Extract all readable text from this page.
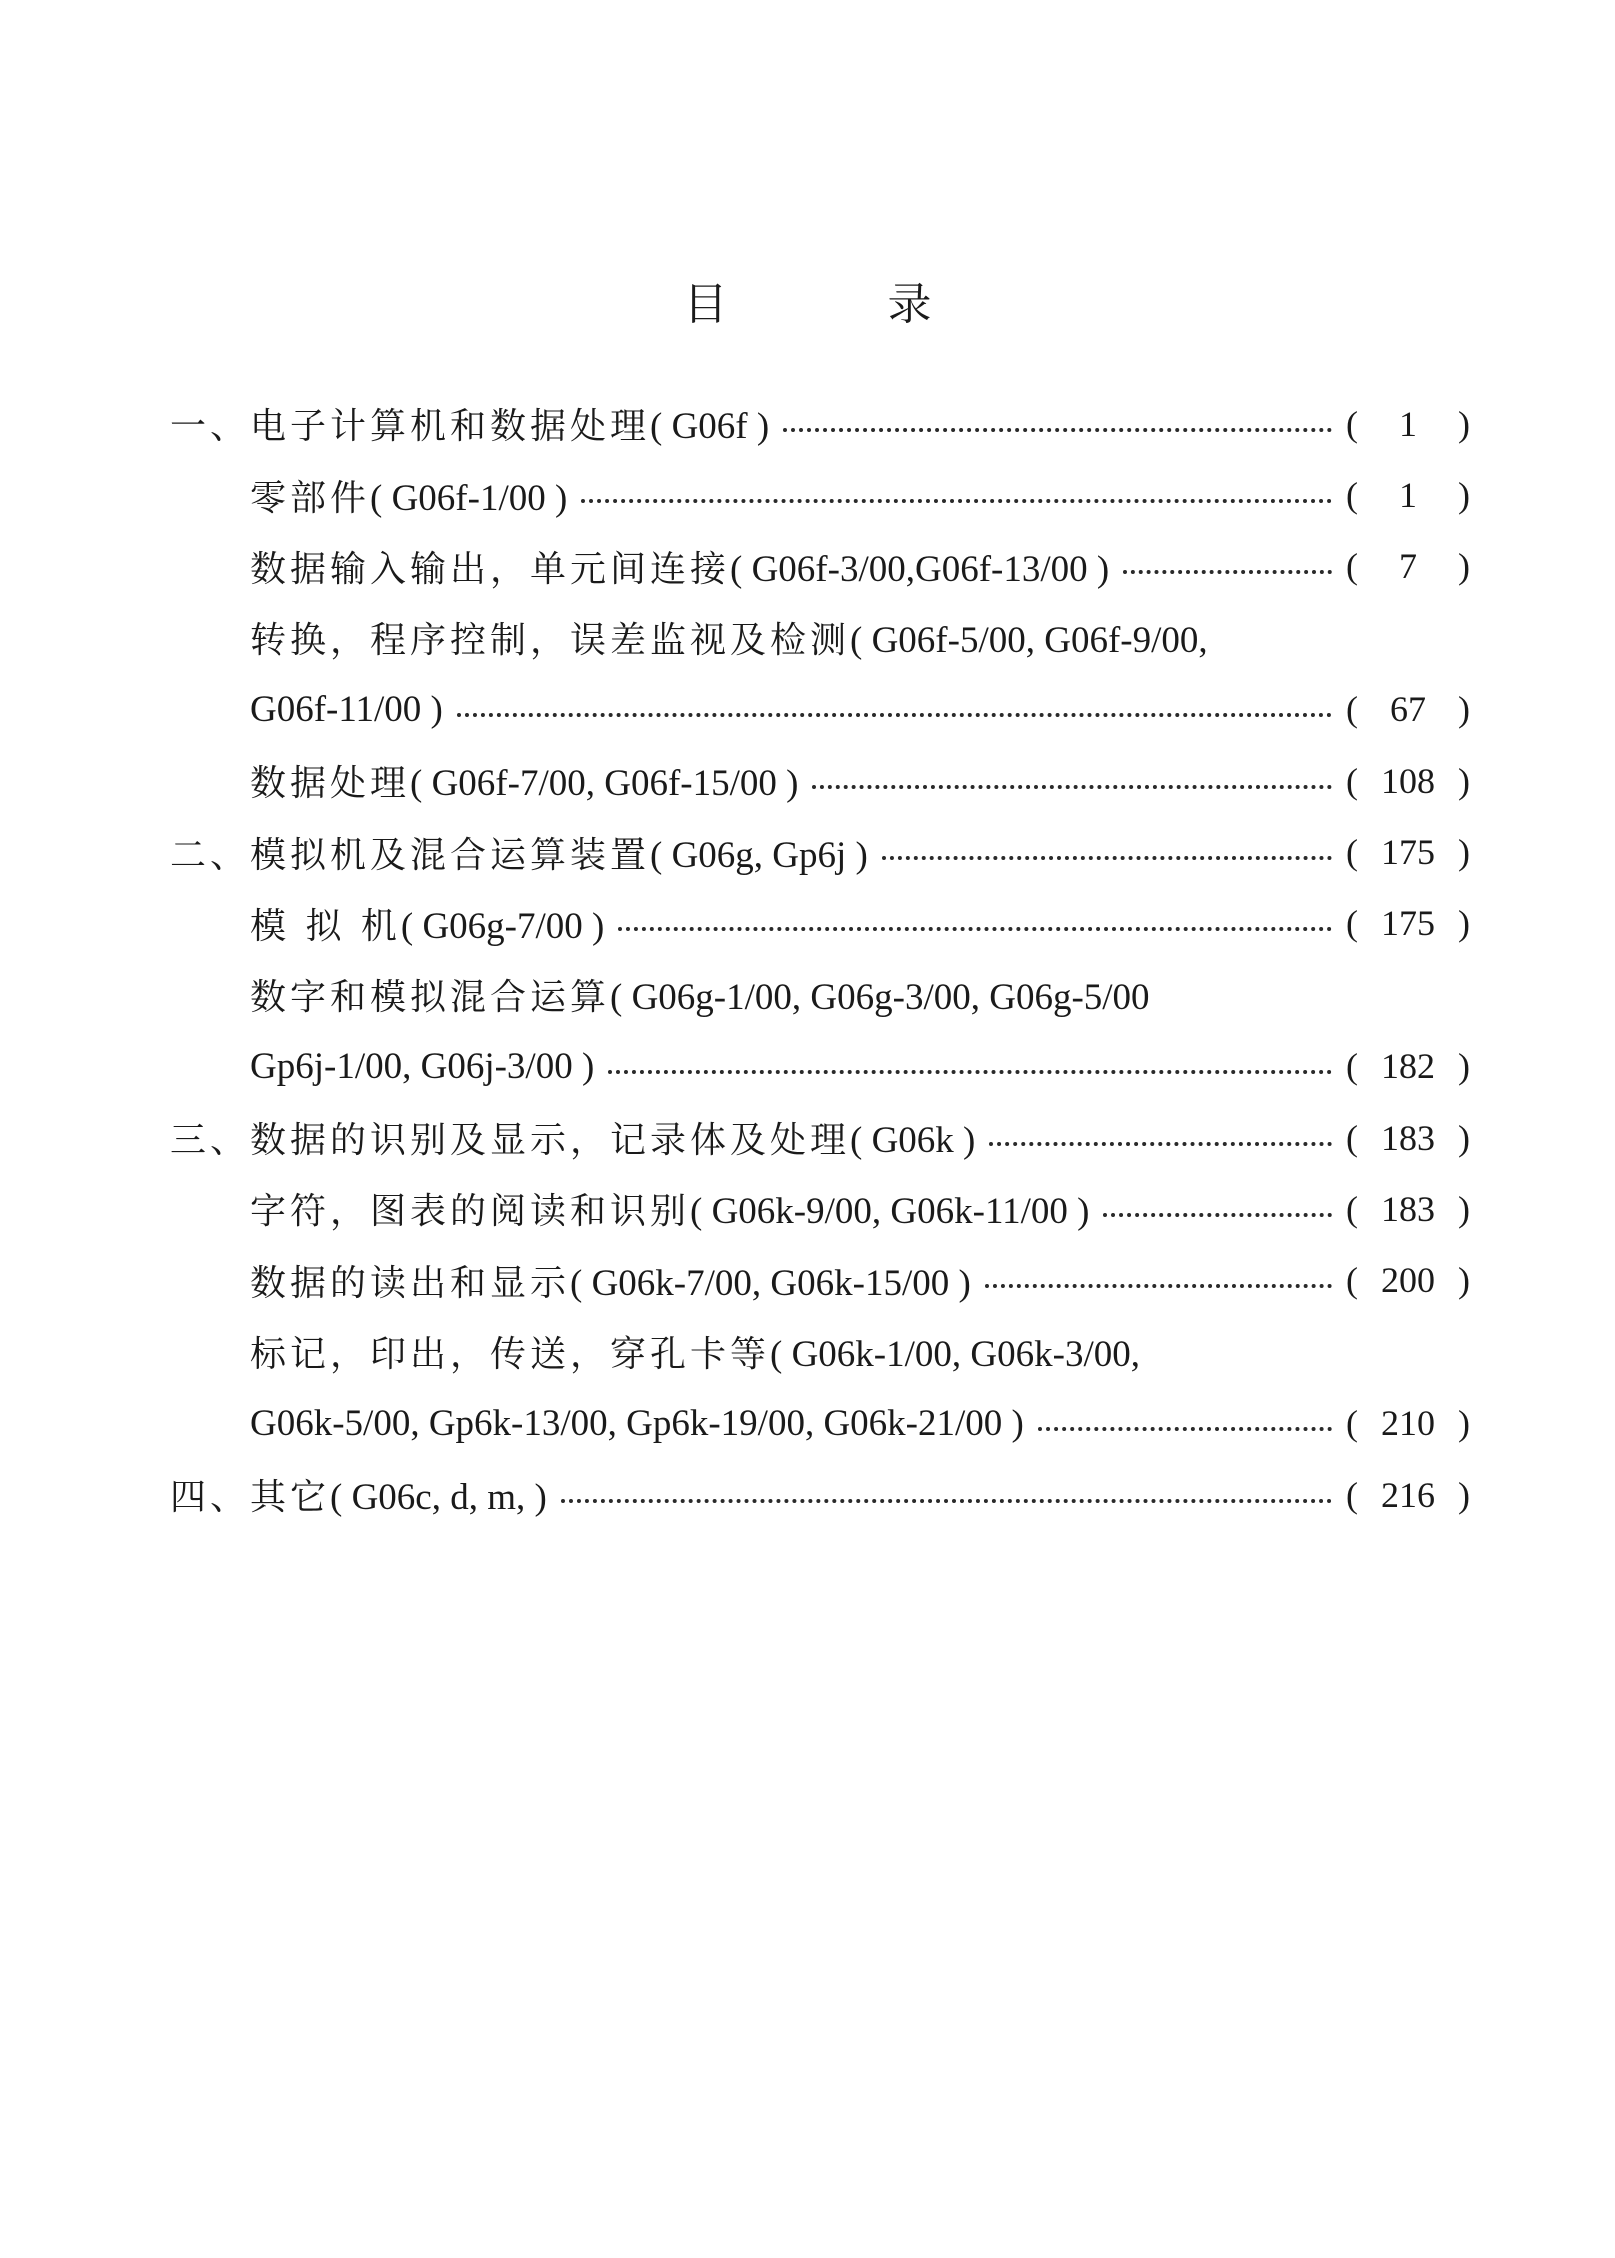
目	录
一、电子计算机和数据处理( G06f )	(	1	)
零部件( G06f-1/00 )	(	1	)
数据输入输出，单元间连接( G06f-3/00,G06f-13/00 )	(	7	)
转换，程序控制，误差监视及检测( G06f-5/00, G06f-9/00,
G06f-11/00 )	( 67 )
数据处理( G06f-7/00, G06f-15/00 )	( 108 )
二、模拟机及混合运算装置( G06g, Gp6j )	( 175 )
模 拟 机( G06g-7/00 )	( 175 )
数字和模拟混合运算( G06g-1/00, G06g-3/00, G06g-5/00
Gp6j-1/00, G06j-3/00 )	( 182 )
三、数据的识别及显示，记录体及处理( G06k )	( 183 )
字符，图表的阅读和识别( G06k-9/00, G06k-11/00 )	( 183 )
数据的读出和显示( G06k-7/00, G06k-15/00 )	( 200 )
标记，印出，传送，穿孔卡等( G06k-1/00, G06k-3/00,
G06k-5/00, Gp6k-13/00, Gp6k-19/00, G06k-21/00 )	( 210 )
四、其它( G06c, d, m, )	( 216 )
